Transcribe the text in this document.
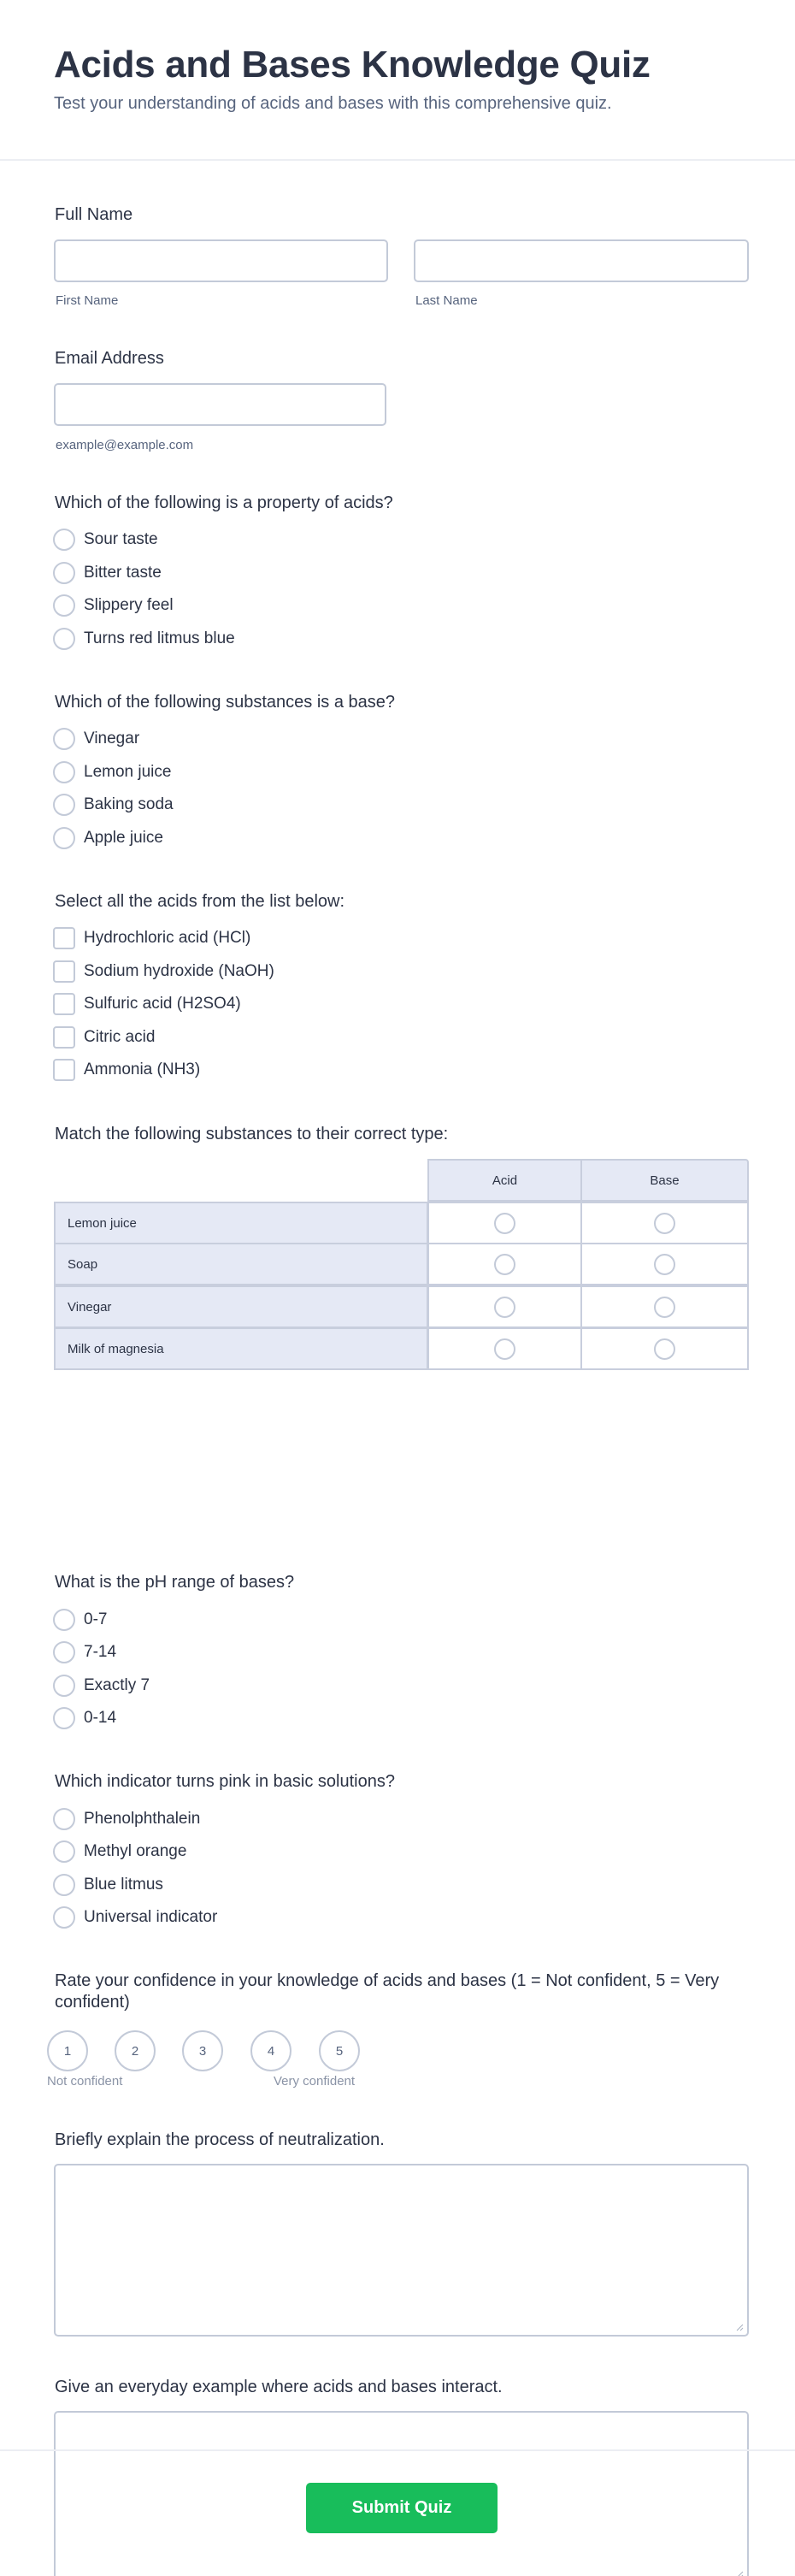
Acids and Bases Knowledge Quiz

Test your understanding of acids and bases with this comprehensive quiz.

Full Name
First Name	Last Name
Email Address
example@example.com
Which of the following is a property of acids?
Sour taste
Bitter taste
Slippery feel
Turns red litmus blue
Which of the following substances is a base?
Vinegar
Lemon juice
Baking soda
Apple juice
Select all the acids from the list below:
Hydrochloric acid (HCl)
Sodium hydroxide (NaOH)
Sulfuric acid (H2SO4)
Citric acid
Ammonia (NH3)
Match the following substances to their correct type:
Acid	Base
Lemon juice
Soap
Vinegar
Milk of magnesia
What is the pH range of bases?
0-7
7-14
Exactly 7
0-14
Which indicator turns pink in basic solutions?
Phenolphthalein
Methyl orange
Blue litmus
Universal indicator
Rate your confidence in your knowledge of acids and bases (1 = Not confident, 5 = Very confident)
1	2	3	4	5
Not confident	Very confident
Briefly explain the process of neutralization.
Give an everyday example where acids and bases interact.
Submit Quiz
